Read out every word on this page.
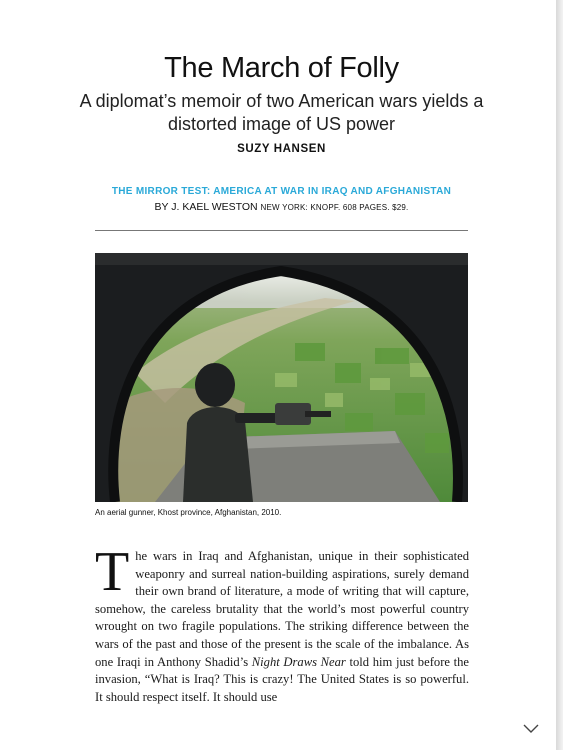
The March of Folly

A diplomat’s memoir of two American wars yields a distorted image of US power

SUZY HANSEN
THE MIRROR TEST: AMERICA AT WAR IN IRAQ AND AFGHANISTAN
BY J. KAEL WESTON NEW YORK: KNOPF. 608 PAGES. $29.
An aerial gunner, Khost province, Afghanistan, 2010.

The wars in Iraq and Afghanistan, unique in their sophisticated weaponry and surreal nation-building aspirations, surely demand their own brand of literature, a mode of writing that will capture, somehow, the careless brutality that the world’s most powerful country wrought on two fragile populations. The striking difference between the wars of the past and those of the present is the scale of the imbalance. As one Iraqi in Anthony Shadid’s Night Draws Near told him just before the invasion, “What is Iraq? This is crazy! The United States is so powerful. It should respect itself. It should use
